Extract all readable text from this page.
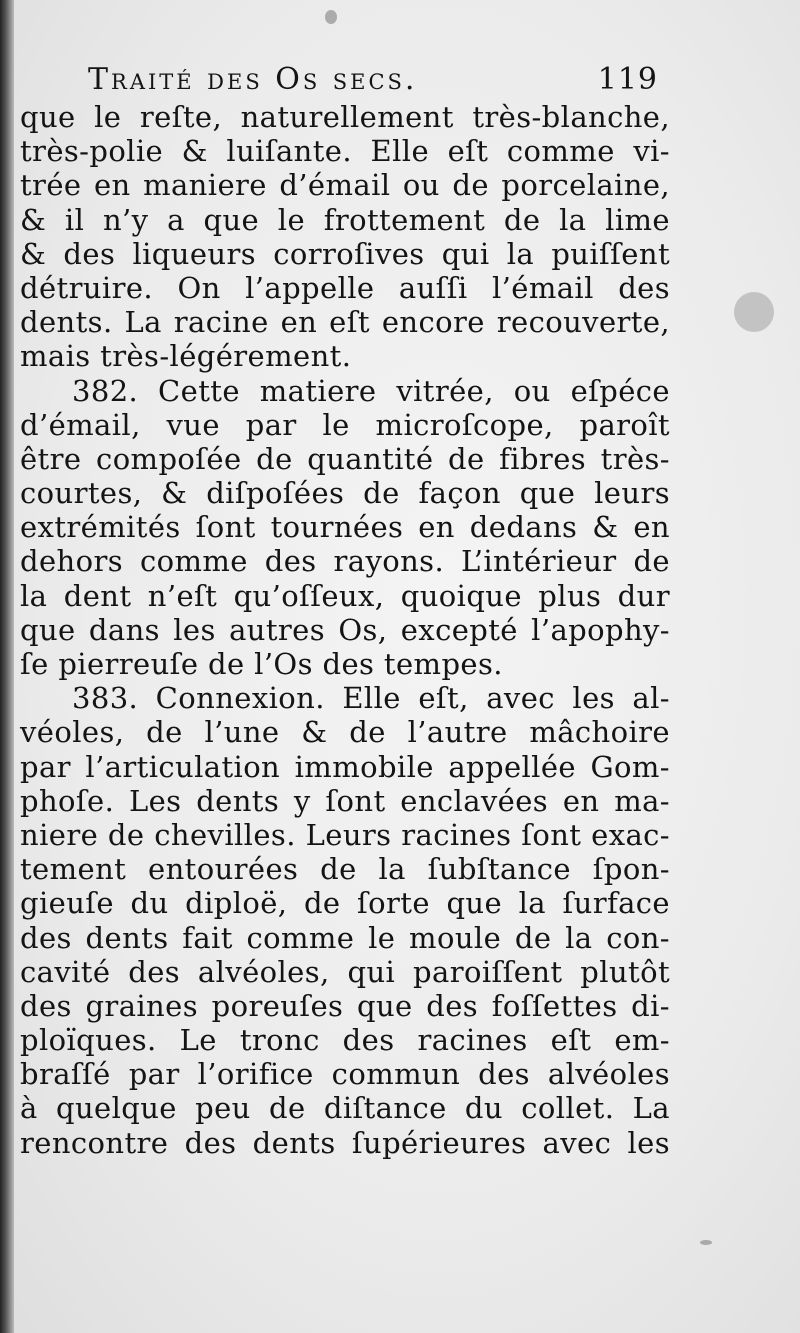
Traité des Os secs.	119
que le reſte, naturellement très-blanche,
très-polie & luiſante. Elle eſt comme vi-
trée en maniere d’émail ou de porcelaine,
& il n’y a que le frottement de la lime
& des liqueurs corroſives qui la puiſſent
détruire. On l’appelle auſſi l’émail des
dents. La racine en eſt encore recouverte,
mais très-légérement.
382. Cette matiere vitrée, ou eſpéce
d’émail, vue par le microſcope, paroît
être compoſée de quantité de fibres très-
courtes, & diſpoſées de façon que leurs
extrémités ſont tournées en dedans & en
dehors comme des rayons. L’intérieur de
la dent n’eſt qu’oſſeux, quoique plus dur
que dans les autres Os, excepté l’apophy-
ſe pierreuſe de l’Os des tempes.
383. Connexion. Elle eſt, avec les al-
véoles, de l’une & de l’autre mâchoire
par l’articulation immobile appellée Gom-
phoſe. Les dents y ſont enclavées en ma-
niere de chevilles. Leurs racines ſont exac-
tement entourées de la ſubſtance ſpon-
gieuſe du diploë, de ſorte que la ſurface
des dents fait comme le moule de la con-
cavité des alvéoles, qui paroiſſent plutôt
des graines poreuſes que des foſſettes di-
ploïques. Le tronc des racines eſt em-
braſſé par l’orifice commun des alvéoles
à quelque peu de diſtance du collet. La
rencontre des dents ſupérieures avec les
